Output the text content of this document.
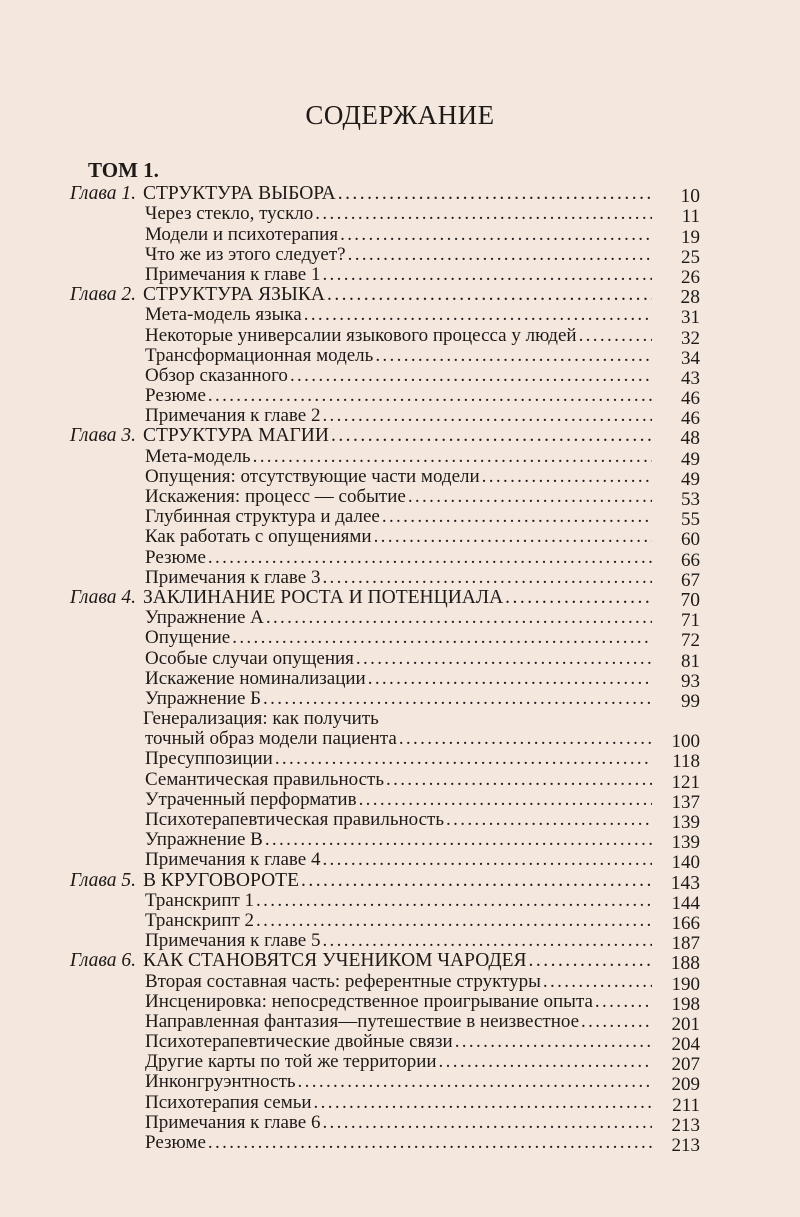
СОДЕРЖАНИЕ
ТОМ 1.
Глава 1. СТРУКТУРА ВЫБОРА . . .	10
Через стекло, тускло . . .	11
Модели и психотерапия . . .	19
Что же из этого следует? . . .	25
Примечания к главе 1 . . .	26
Глава 2. СТРУКТУРА ЯЗЫКА . . .	28
Мета-модель языка . . .	31
Некоторые универсалии языкового процесса у людей . . .	32
Трансформационная модель . . .	34
Обзор сказанного . . .	43
Резюме . . .	46
Примечания к главе 2 . . .	46
Глава 3. СТРУКТУРА МАГИИ . . .	48
Мета-модель . . .	49
Опущения: отсутствующие части модели . . .	49
Искажения: процесс — событие . . .	53
Глубинная структура и далее . . .	55
Как работать с опущениями . . .	60
Резюме . . .	66
Примечания к главе 3 . . .	67
Глава 4. ЗАКЛИНАНИЕ РОСТА И ПОТЕНЦИАЛА . . .	70
Упражнение А . . .	71
Опущение . . .	72
Особые случаи опущения . . .	81
Искажение номинализации . . .	93
Упражнение Б . . .	99
Генерализация: как получить
точный образ модели пациента . . .	100
Пресуппозиции . . .	118
Семантическая правильность . . .	121
Утраченный перформатив . . .	137
Психотерапевтическая правильность . . .	139
Упражнение В . . .	139
Примечания к главе 4 . . .	140
Глава 5. В КРУГОВОРОТЕ . . .	143
Транскрипт 1 . . .	144
Транскрипт 2 . . .	166
Примечания к главе 5 . . .	187
Глава 6. КАК СТАНОВЯТСЯ УЧЕНИКОМ ЧАРОДЕЯ . . .	188
Вторая составная часть: референтные структуры . . .	190
Инсценировка: непосредственное проигрывание опыта . . .	198
Направленная фантазия—путешествие в неизвестное . . .	201
Психотерапевтические двойные связи . . .	204
Другие карты по той же территории . . .	207
Инконгруэнтность . . .	209
Психотерапия семьи . . .	211
Примечания к главе 6 . . .	213
Резюме . . .	213
